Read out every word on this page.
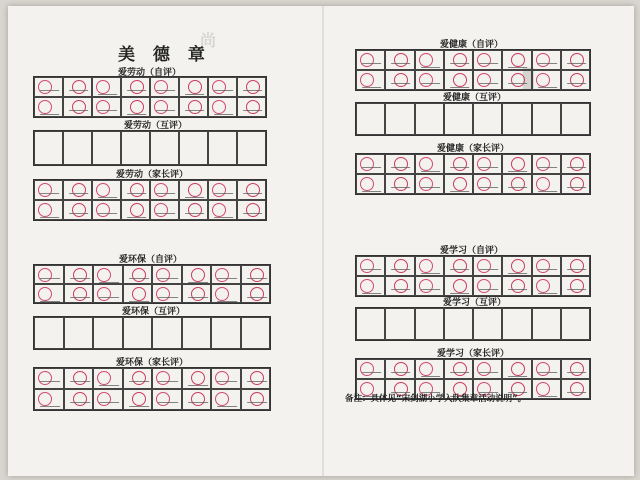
尚
▮
美 德 章
爱劳动（自评）
爱劳动（互评）
爱劳动（家长评）
爱环保（自评）
爱环保（互评）
爱环保（家长评）
爱健康（自评）
爱健康（互评）
爱健康（家长评）
爱学习（自评）
爱学习（互评）
爱学习（家长评）
备注：具体见“宋剑湖小学入队集章活动说明”。
